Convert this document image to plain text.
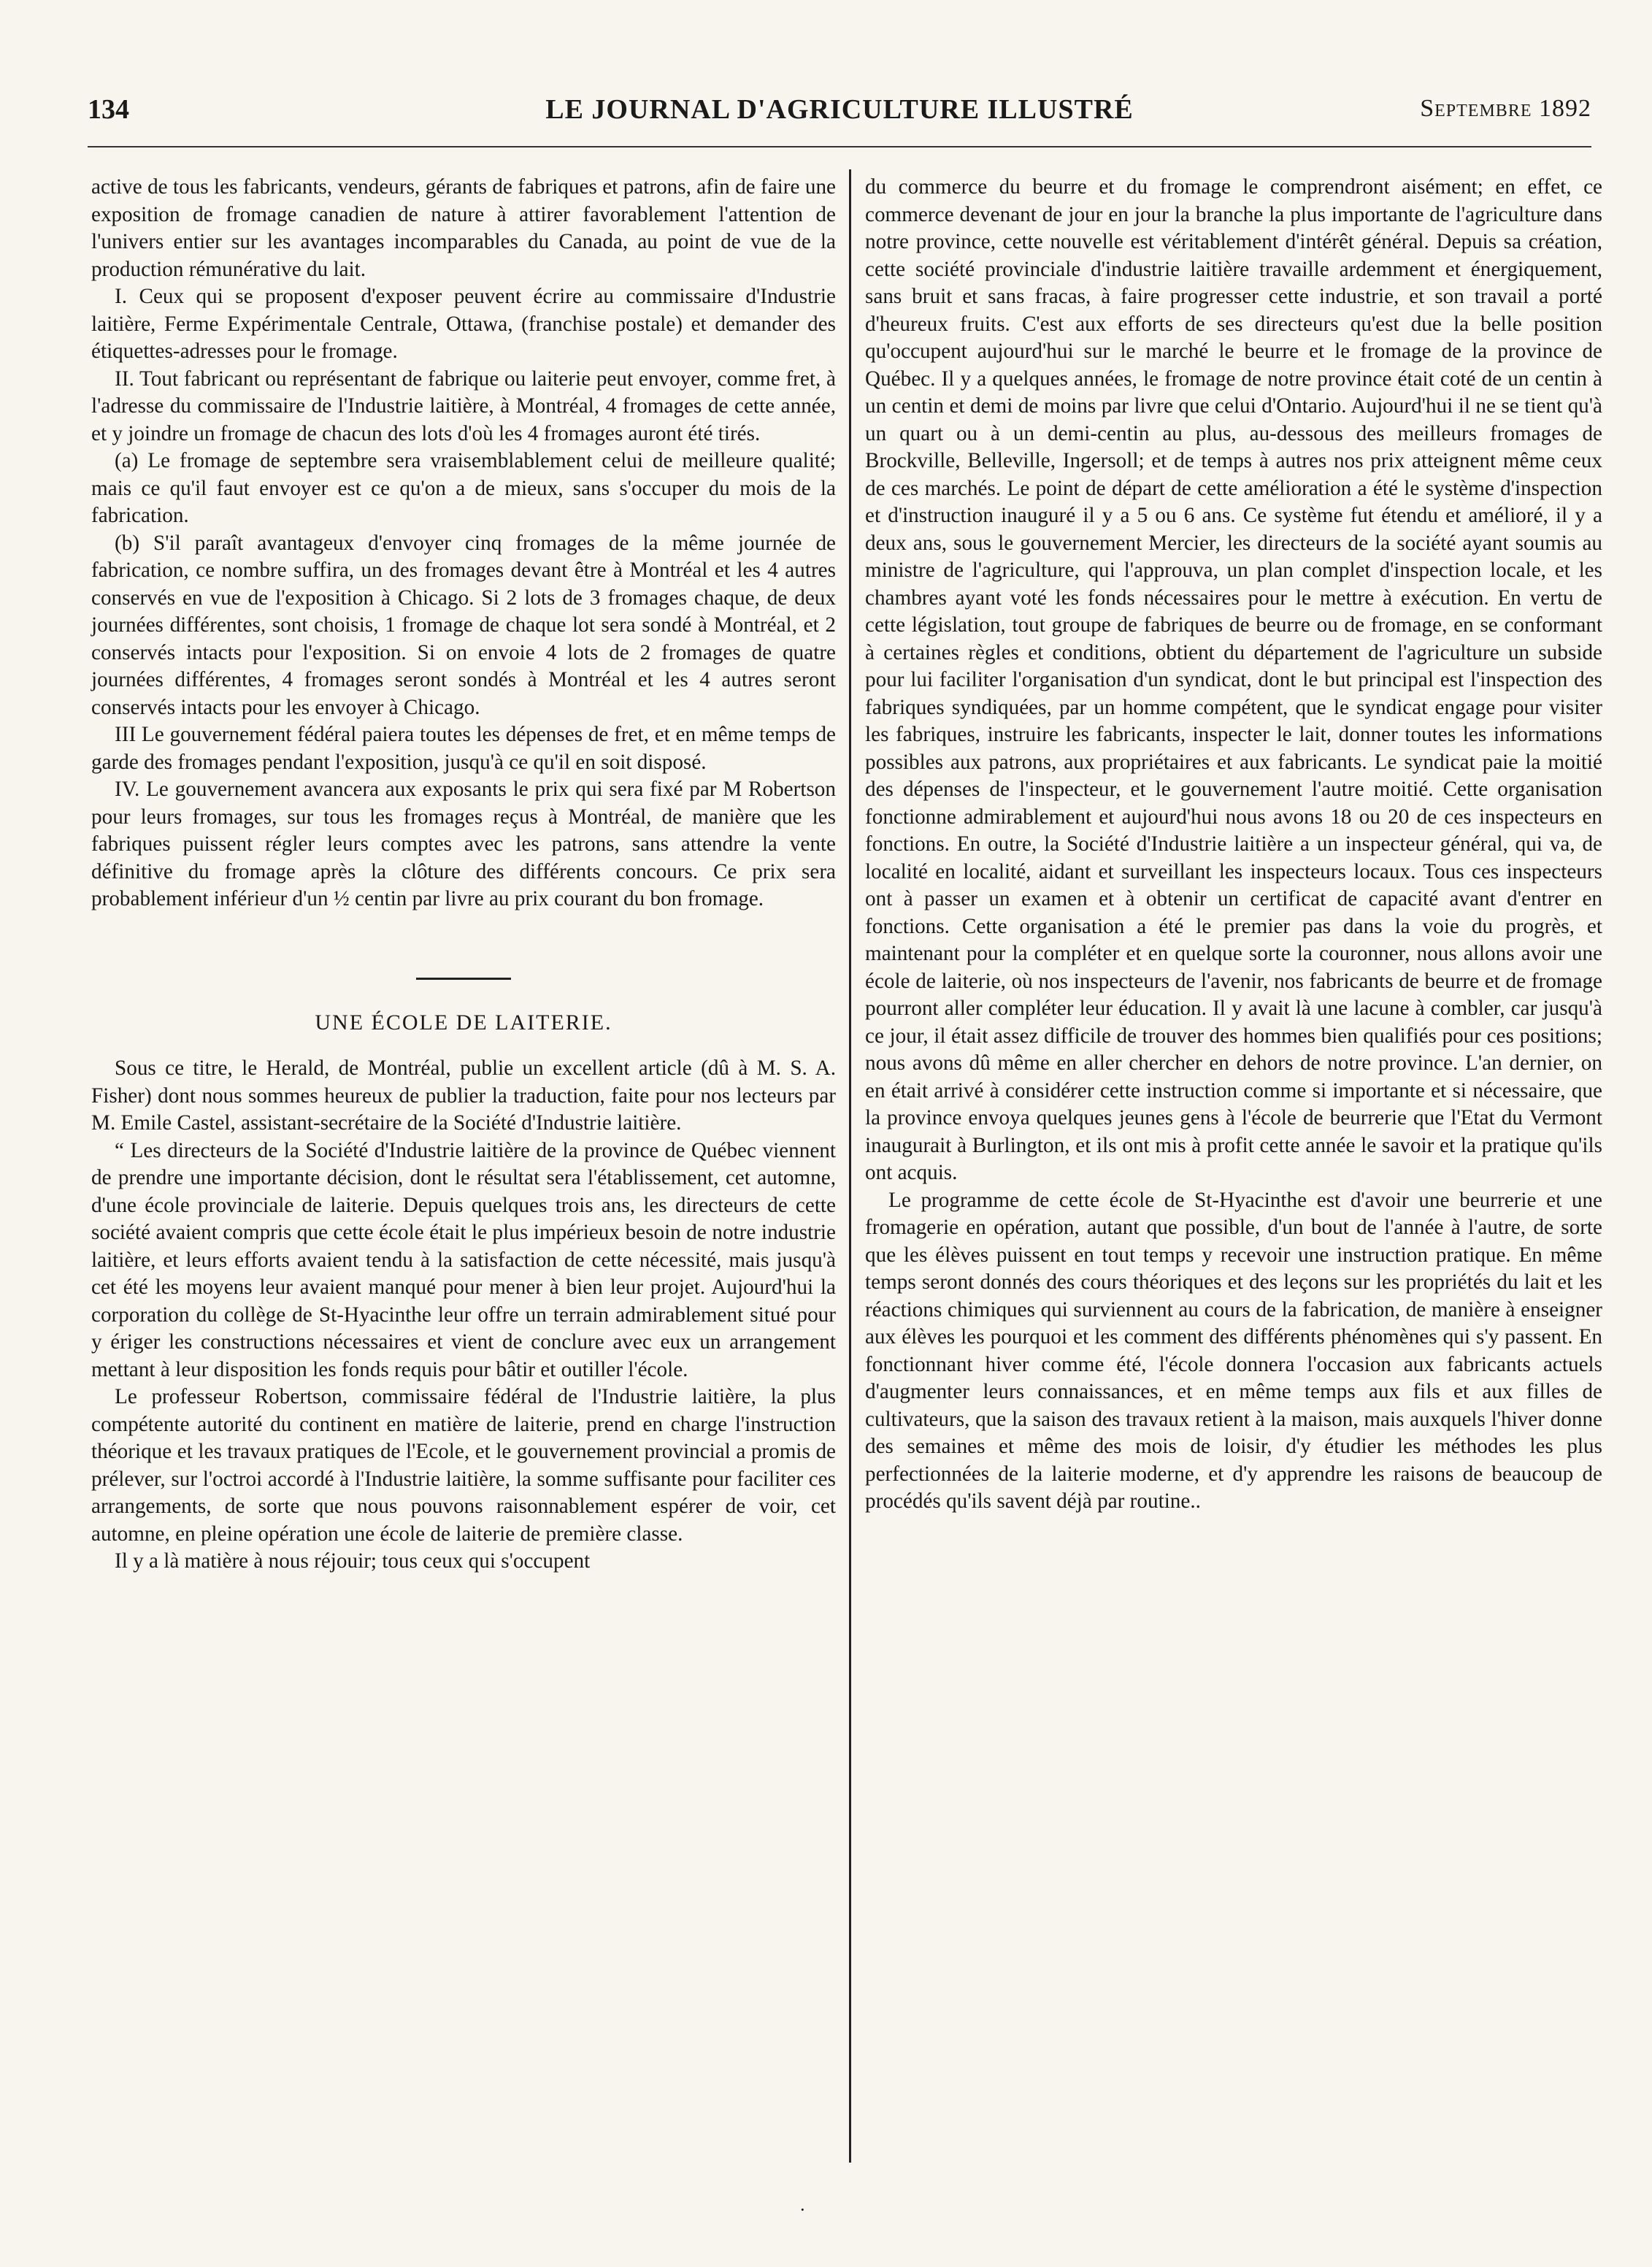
134	LE JOURNAL D'AGRICULTURE ILLUSTRÉ	Septembre 1892

active de tous les fabricants, vendeurs, gérants de fabriques et patrons, afin de faire une exposition de fromage canadien de nature à attirer favorablement l'attention de l'univers entier sur les avantages incomparables du Canada, au point de vue de la production rémunérative du lait.

I. Ceux qui se proposent d'exposer peuvent écrire au commissaire d'Industrie laitière, Ferme Expérimentale Centrale, Ottawa, (franchise postale) et demander des étiquettes-adresses pour le fromage.

II. Tout fabricant ou représentant de fabrique ou laiterie peut envoyer, comme fret, à l'adresse du commissaire de l'Industrie laitière, à Montréal, 4 fromages de cette année, et y joindre un fromage de chacun des lots d'où les 4 fromages auront été tirés.

(a) Le fromage de septembre sera vraisemblablement celui de meilleure qualité; mais ce qu'il faut envoyer est ce qu'on a de mieux, sans s'occuper du mois de la fabrication.

(b) S'il paraît avantageux d'envoyer cinq fromages de la même journée de fabrication, ce nombre suffira, un des fromages devant être à Montréal et les 4 autres conservés en vue de l'exposition à Chicago. Si 2 lots de 3 fromages chaque, de deux journées différentes, sont choisis, 1 fromage de chaque lot sera sondé à Montréal, et 2 conservés intacts pour l'exposition. Si on envoie 4 lots de 2 fromages de quatre journées différentes, 4 fromages seront sondés à Montréal et les 4 autres seront conservés intacts pour les envoyer à Chicago.

III Le gouvernement fédéral paiera toutes les dépenses de fret, et en même temps de garde des fromages pendant l'exposition, jusqu'à ce qu'il en soit disposé.

IV. Le gouvernement avancera aux exposants le prix qui sera fixé par M Robertson pour leurs fromages, sur tous les fromages reçus à Montréal, de manière que les fabriques puissent régler leurs comptes avec les patrons, sans attendre la vente définitive du fromage après la clôture des différents concours. Ce prix sera probablement inférieur d'un ½ centin par livre au prix courant du bon fromage.

UNE ÉCOLE DE LAITERIE.

Sous ce titre, le Herald, de Montréal, publie un excellent article (dû à M. S. A. Fisher) dont nous sommes heureux de publier la traduction, faite pour nos lecteurs par M. Emile Castel, assistant-secrétaire de la Société d'Industrie laitière.

“ Les directeurs de la Société d'Industrie laitière de la province de Québec viennent de prendre une importante décision, dont le résultat sera l'établissement, cet automne, d'une école provinciale de laiterie. Depuis quelques trois ans, les directeurs de cette société avaient compris que cette école était le plus impérieux besoin de notre industrie laitière, et leurs efforts avaient tendu à la satisfaction de cette nécessité, mais jusqu'à cet été les moyens leur avaient manqué pour mener à bien leur projet. Aujourd'hui la corporation du collège de St-Hyacinthe leur offre un terrain admirablement situé pour y ériger les constructions nécessaires et vient de conclure avec eux un arrangement mettant à leur disposition les fonds requis pour bâtir et outiller l'école.

Le professeur Robertson, commissaire fédéral de l'Industrie laitière, la plus compétente autorité du continent en matière de laiterie, prend en charge l'instruction théorique et les travaux pratiques de l'Ecole, et le gouvernement provincial a promis de prélever, sur l'octroi accordé à l'Industrie laitière, la somme suffisante pour faciliter ces arrangements, de sorte que nous pouvons raisonnablement espérer de voir, cet automne, en pleine opération une école de laiterie de première classe.

Il y a là matière à nous réjouir; tous ceux qui s'occupent

du commerce du beurre et du fromage le comprendront aisément; en effet, ce commerce devenant de jour en jour la branche la plus importante de l'agriculture dans notre province, cette nouvelle est véritablement d'intérêt général. Depuis sa création, cette société provinciale d'industrie laitière travaille ardemment et énergiquement, sans bruit et sans fracas, à faire progresser cette industrie, et son travail a porté d'heureux fruits. C'est aux efforts de ses directeurs qu'est due la belle position qu'occupent aujourd'hui sur le marché le beurre et le fromage de la province de Québec. Il y a quelques années, le fromage de notre province était coté de un centin à un centin et demi de moins par livre que celui d'Ontario. Aujourd'hui il ne se tient qu'à un quart ou à un demi-centin au plus, au-dessous des meilleurs fromages de Brockville, Belleville, Ingersoll; et de temps à autres nos prix atteignent même ceux de ces marchés. Le point de départ de cette amélioration a été le système d'inspection et d'instruction inauguré il y a 5 ou 6 ans. Ce système fut étendu et amélioré, il y a deux ans, sous le gouvernement Mercier, les directeurs de la société ayant soumis au ministre de l'agriculture, qui l'approuva, un plan complet d'inspection locale, et les chambres ayant voté les fonds nécessaires pour le mettre à exécution. En vertu de cette législation, tout groupe de fabriques de beurre ou de fromage, en se conformant à certaines règles et conditions, obtient du département de l'agriculture un subside pour lui faciliter l'organisation d'un syndicat, dont le but principal est l'inspection des fabriques syndiquées, par un homme compétent, que le syndicat engage pour visiter les fabriques, instruire les fabricants, inspecter le lait, donner toutes les informations possibles aux patrons, aux propriétaires et aux fabricants. Le syndicat paie la moitié des dépenses de l'inspecteur, et le gouvernement l'autre moitié. Cette organisation fonctionne admirablement et aujourd'hui nous avons 18 ou 20 de ces inspecteurs en fonctions. En outre, la Société d'Industrie laitière a un inspecteur général, qui va, de localité en localité, aidant et surveillant les inspecteurs locaux. Tous ces inspecteurs ont à passer un examen et à obtenir un certificat de capacité avant d'entrer en fonctions. Cette organisation a été le premier pas dans la voie du progrès, et maintenant pour la compléter et en quelque sorte la couronner, nous allons avoir une école de laiterie, où nos inspecteurs de l'avenir, nos fabricants de beurre et de fromage pourront aller compléter leur éducation. Il y avait là une lacune à combler, car jusqu'à ce jour, il était assez difficile de trouver des hommes bien qualifiés pour ces positions; nous avons dû même en aller chercher en dehors de notre province. L'an dernier, on en était arrivé à considérer cette instruction comme si importante et si nécessaire, que la province envoya quelques jeunes gens à l'école de beurrerie que l'Etat du Vermont inaugurait à Burlington, et ils ont mis à profit cette année le savoir et la pratique qu'ils ont acquis.

Le programme de cette école de St-Hyacinthe est d'avoir une beurrerie et une fromagerie en opération, autant que possible, d'un bout de l'année à l'autre, de sorte que les élèves puissent en tout temps y recevoir une instruction pratique. En même temps seront donnés des cours théoriques et des leçons sur les propriétés du lait et les réactions chimiques qui surviennent au cours de la fabrication, de manière à enseigner aux élèves les pourquoi et les comment des différents phénomènes qui s'y passent. En fonctionnant hiver comme été, l'école donnera l'occasion aux fabricants actuels d'augmenter leurs connaissances, et en même temps aux fils et aux filles de cultivateurs, que la saison des travaux retient à la maison, mais auxquels l'hiver donne des semaines et même des mois de loisir, d'y étudier les méthodes les plus perfectionnées de la laiterie moderne, et d'y apprendre les raisons de beaucoup de procédés qu'ils savent déjà par routine..

·
